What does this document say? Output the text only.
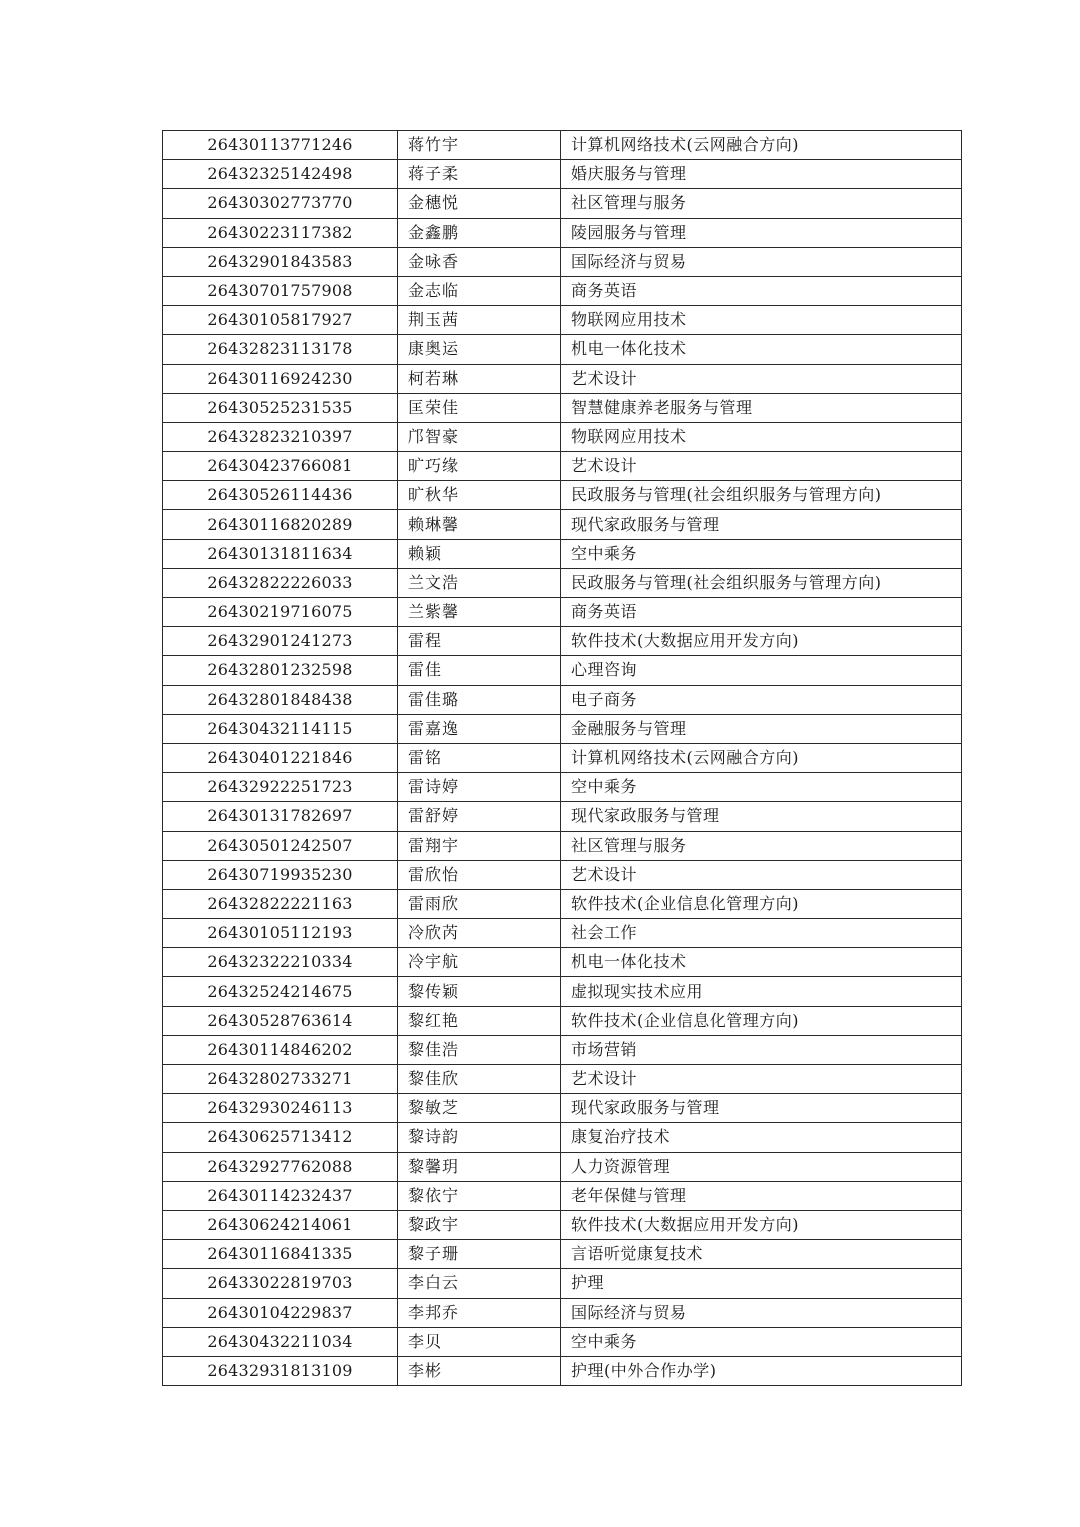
26430113771246	蒋竹宇	计算机网络技术(云网融合方向)
26432325142498	蒋子柔	婚庆服务与管理
26430302773770	金穗悦	社区管理与服务
26430223117382	金鑫鹏	陵园服务与管理
26432901843583	金咏香	国际经济与贸易
26430701757908	金志临	商务英语
26430105817927	荆玉茜	物联网应用技术
26432823113178	康奥运	机电一体化技术
26430116924230	柯若琳	艺术设计
26430525231535	匡荣佳	智慧健康养老服务与管理
26432823210397	邝智豪	物联网应用技术
26430423766081	旷巧缘	艺术设计
26430526114436	旷秋华	民政服务与管理(社会组织服务与管理方向)
26430116820289	赖琳馨	现代家政服务与管理
26430131811634	赖颖	空中乘务
26432822226033	兰文浩	民政服务与管理(社会组织服务与管理方向)
26430219716075	兰紫馨	商务英语
26432901241273	雷程	软件技术(大数据应用开发方向)
26432801232598	雷佳	心理咨询
26432801848438	雷佳璐	电子商务
26430432114115	雷嘉逸	金融服务与管理
26430401221846	雷铭	计算机网络技术(云网融合方向)
26432922251723	雷诗婷	空中乘务
26430131782697	雷舒婷	现代家政服务与管理
26430501242507	雷翔宇	社区管理与服务
26430719935230	雷欣怡	艺术设计
26432822221163	雷雨欣	软件技术(企业信息化管理方向)
26430105112193	冷欣芮	社会工作
26432322210334	冷宇航	机电一体化技术
26432524214675	黎传颖	虚拟现实技术应用
26430528763614	黎红艳	软件技术(企业信息化管理方向)
26430114846202	黎佳浩	市场营销
26432802733271	黎佳欣	艺术设计
26432930246113	黎敏芝	现代家政服务与管理
26430625713412	黎诗韵	康复治疗技术
26432927762088	黎馨玥	人力资源管理
26430114232437	黎依宁	老年保健与管理
26430624214061	黎政宇	软件技术(大数据应用开发方向)
26430116841335	黎子珊	言语听觉康复技术
26433022819703	李白云	护理
26430104229837	李邦乔	国际经济与贸易
26430432211034	李贝	空中乘务
26432931813109	李彬	护理(中外合作办学)
